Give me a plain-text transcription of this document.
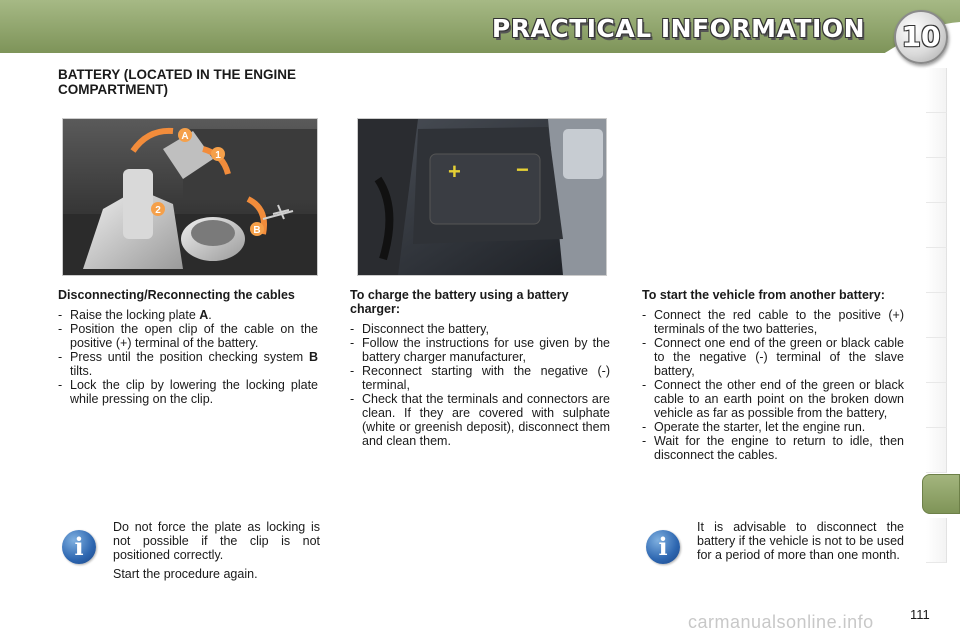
PRACTICAL INFORMATION 10
BATTERY (LOCATED IN THE ENGINE COMPARTMENT)
A
1
2
B
+	−
Disconnecting/Reconnecting the cables
- Raise the locking plate A.
- Position the open clip of the cable on the positive (+) terminal of the battery.
- Press until the position checking system B tilts.
- Lock the clip by lowering the locking plate while pressing on the clip.
To charge the battery using a battery charger:
- Disconnect the battery,
- Follow the instructions for use given by the battery charger manufacturer,
- Reconnect starting with the negative (-) terminal,
- Check that the terminals and connectors are clean. If they are covered with sulphate (white or greenish deposit), disconnect them and clean them.
To start the vehicle from another battery:
- Connect the red cable to the positive (+) terminals of the two batteries,
- Connect one end of the green or black cable to the negative (-) terminal of the slave battery,
- Connect the other end of the green or black cable to an earth point on the broken down vehicle as far as possible from the battery,
- Operate the starter, let the engine run.
- Wait for the engine to return to idle, then disconnect the cables.
i

Do not force the plate as locking is not possible if the clip is not positioned correctly.

Start the procedure again.

i

It is advisable to disconnect the battery if the vehicle is not to be used for a period of more than one month.

carmanualsonline.info	111
